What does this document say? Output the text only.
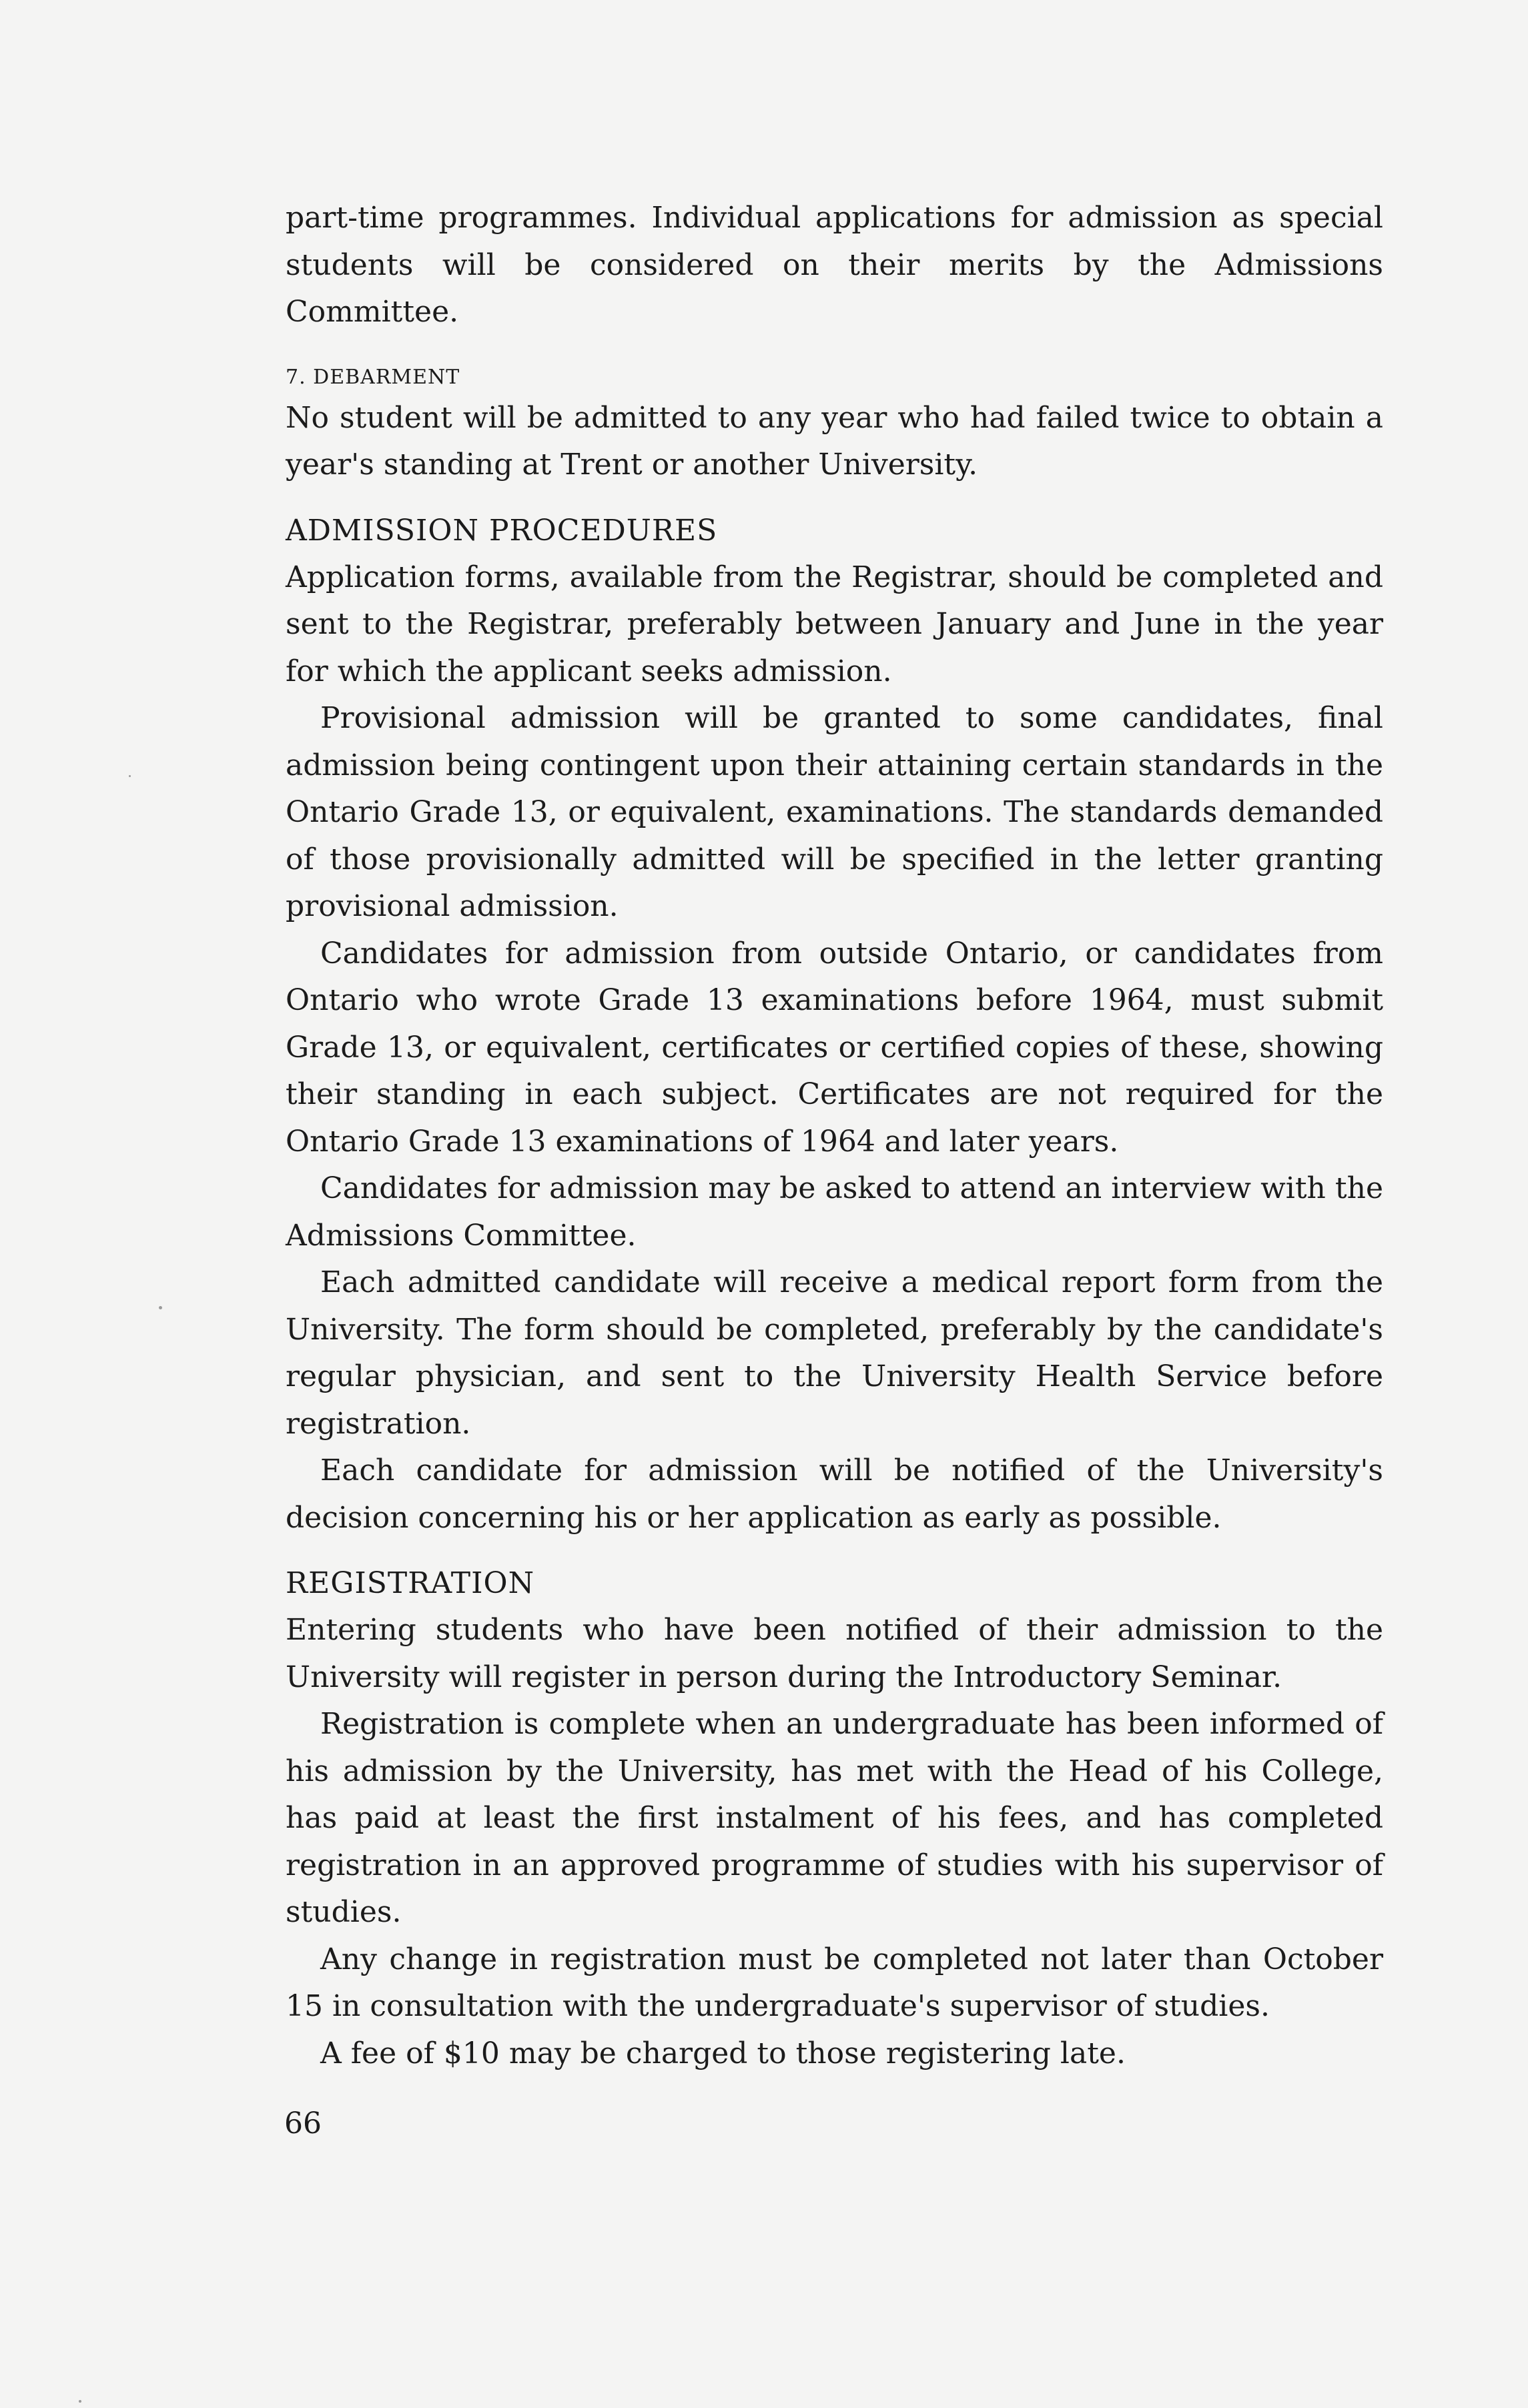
part-time programmes. Individual applications for admission as special students will be considered on their merits by the Admissions Committee.

7. DEBARMENT

No student will be admitted to any year who had failed twice to obtain a year's standing at Trent or another University.

ADMISSION PROCEDURES

Application forms, available from the Registrar, should be completed and sent to the Registrar, preferably between January and June in the year for which the applicant seeks admission.

Provisional admission will be granted to some candidates, final admission being contingent upon their attaining certain standards in the Ontario Grade 13, or equivalent, examinations. The standards demanded of those provisionally admitted will be specified in the letter granting provisional admission.

Candidates for admission from outside Ontario, or candidates from Ontario who wrote Grade 13 examinations before 1964, must submit Grade 13, or equivalent, certificates or certified copies of these, showing their standing in each subject. Certificates are not required for the Ontario Grade 13 examinations of 1964 and later years.

Candidates for admission may be asked to attend an interview with the Admissions Committee.

Each admitted candidate will receive a medical report form from the University. The form should be completed, preferably by the candidate's regular physician, and sent to the University Health Service before registration.

Each candidate for admission will be notified of the University's decision concerning his or her application as early as possible.

REGISTRATION

Entering students who have been notified of their admission to the University will register in person during the Introductory Seminar.

Registration is complete when an undergraduate has been informed of his admission by the University, has met with the Head of his College, has paid at least the first instalment of his fees, and has completed registration in an approved programme of studies with his supervisor of studies.

Any change in registration must be completed not later than October 15 in consultation with the undergraduate's supervisor of studies.

A fee of $10 may be charged to those registering late.

66
